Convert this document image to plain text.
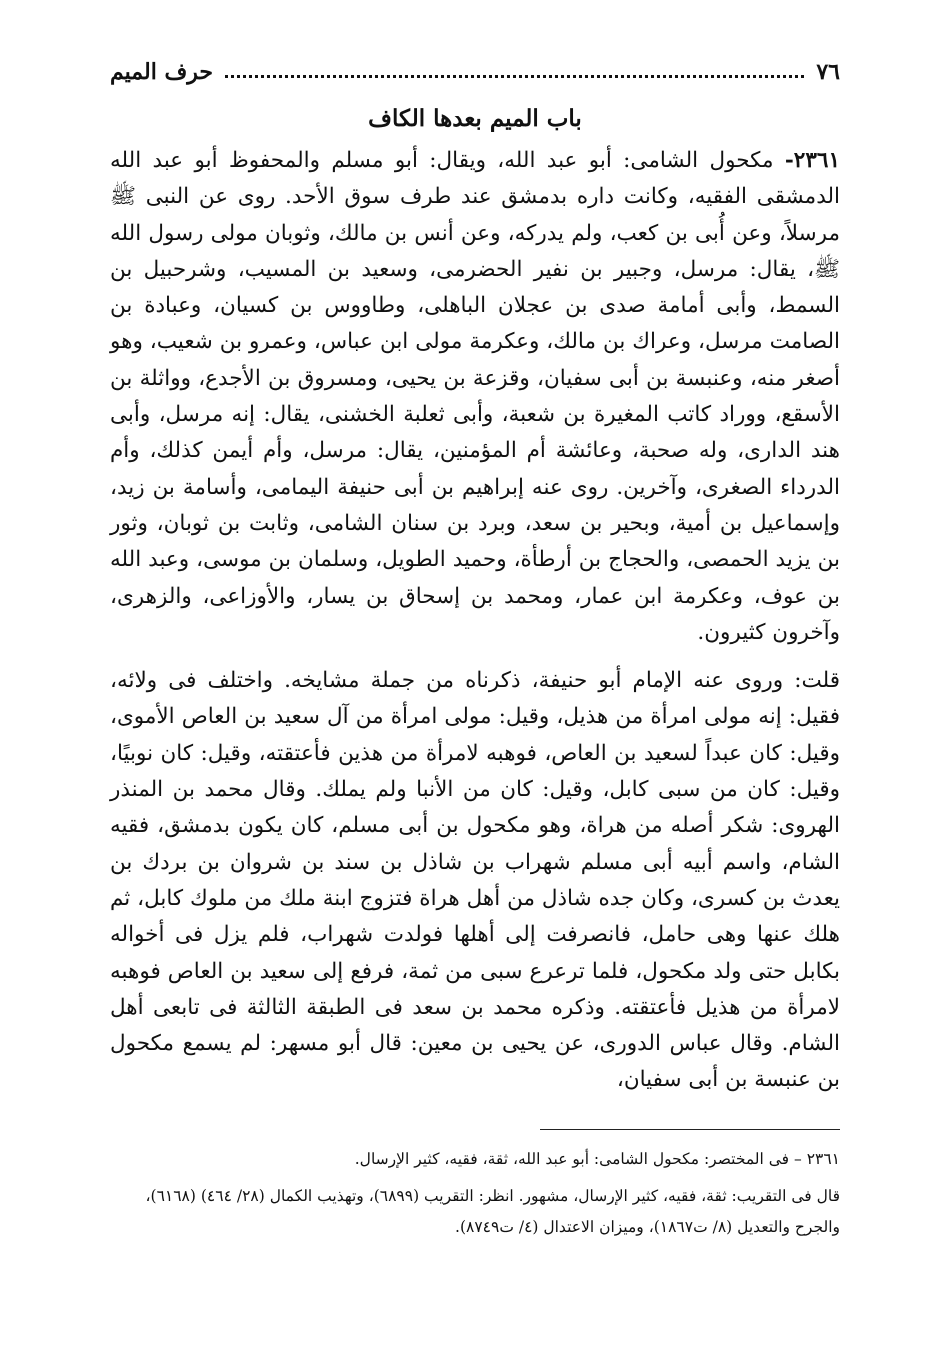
٧٦
حرف الميم
باب الميم بعدها الكاف

٢٣٦١- مكحول الشامى: أبو عبد الله، ويقال: أبو مسلم والمحفوظ أبو عبد الله الدمشقى الفقيه، وكانت داره بدمشق عند طرف سوق الأحد. روى عن النبى ﷺ مرسلاً، وعن أُبى بن كعب، ولم يدركه، وعن أنس بن مالك، وثوبان مولى رسول الله ﷺ، يقال: مرسل، وجبير بن نفير الحضرمى، وسعيد بن المسيب، وشرحبيل بن السمط، وأبى أمامة صدى بن عجلان الباهلى، وطاووس بن كسيان، وعبادة بن الصامت مرسل، وعراك بن مالك، وعكرمة مولى ابن عباس، وعمرو بن شعيب، وهو أصغر منه، وعنبسة بن أبى سفيان، وقزعة بن يحيى، ومسروق بن الأجدع، وواثلة بن الأسقع، ووراد كاتب المغيرة بن شعبة، وأبى ثعلبة الخشنى، يقال: إنه مرسل، وأبى هند الدارى، وله صحبة، وعائشة أم المؤمنين، يقال: مرسل، وأم أيمن كذلك، وأم الدرداء الصغرى، وآخرين. روى عنه إبراهيم بن أبى حنيفة اليمامى، وأسامة بن زيد، وإسماعيل بن أمية، وبحير بن سعد، وبرد بن سنان الشامى، وثابت بن ثوبان، وثور بن يزيد الحمصى، والحجاج بن أرطأة، وحميد الطويل، وسلمان بن موسى، وعبد الله بن عوف، وعكرمة ابن عمار، ومحمد بن إسحاق بن يسار، والأوزاعى، والزهرى، وآخرون كثيرون.

قلت: وروى عنه الإمام أبو حنيفة، ذكرناه من جملة مشايخه. واختلف فى ولائه، فقيل: إنه مولى امرأة من هذيل، وقيل: مولى امرأة من آل سعيد بن العاص الأموى، وقيل: كان عبداً لسعيد بن العاص، فوهبه لامرأة من هذين فأعتقته، وقيل: كان نوبيًا، وقيل: كان من سبى كابل، وقيل: كان من الأنبا ولم يملك. وقال محمد بن المنذر الهروى: شكر أصله من هراة، وهو مكحول بن أبى مسلم، كان يكون بدمشق، فقيه الشام، واسم أبيه أبى مسلم شهراب بن شاذل بن سند بن شروان بن بردك بن يعدث بن كسرى، وكان جده شاذل من أهل هراة فتزوج ابنة ملك من ملوك كابل، ثم هلك عنها وهى حامل، فانصرفت إلى أهلها فولدت شهراب، فلم يزل فى أخواله بكابل حتى ولد مكحول، فلما ترعرع سبى من ثمة، فرفع إلى سعيد بن العاص فوهبه لامرأة من هذيل فأعتقته. وذكره محمد بن سعد فى الطبقة الثالثة فى تابعى أهل الشام. وقال عباس الدورى، عن يحيى بن معين: قال أبو مسهر: لم يسمع مكحول بن عنبسة بن أبى سفيان،

٢٣٦١ – فى المختصر: مكحول الشامى: أبو عبد الله، ثقة، فقيه، كثير الإرسال.

قال فى التقريب: ثقة، فقيه، كثير الإرسال، مشهور. انظر: التقريب (٦٨٩٩)، وتهذيب الكمال (٢٨/ ٤٦٤) (٦١٦٨)، والجرح والتعديل (٨/ ت١٨٦٧)، وميزان الاعتدال (٤/ ت٨٧٤٩).
